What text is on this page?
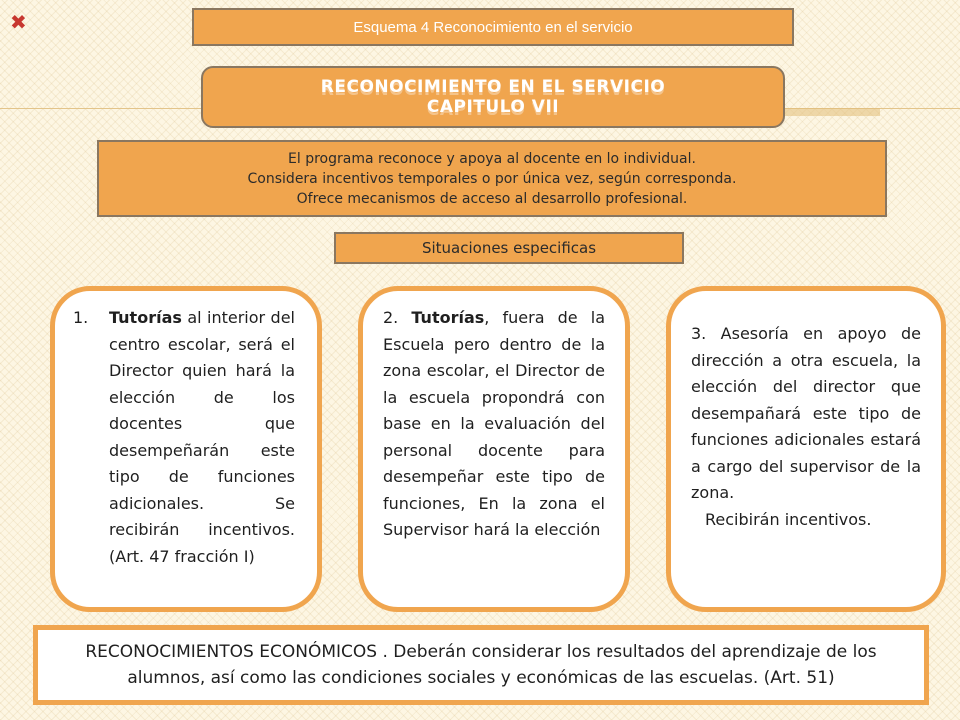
✖	Esquema 4 Reconocimiento en el servicio
RECONOCIMIENTO EN EL SERVICIO
CAPITULO VII
El programa reconoce y apoya al docente en lo individual.
Considera incentivos temporales o por única vez, según corresponda.
Ofrece mecanismos de acceso al desarrollo profesional.
Situaciones especificas
1.	Tutorías al interior del centro escolar, será el Director quien hará la elección de los docentes que desempeñarán este tipo de funciones adicionales. Se recibirán incentivos. (Art. 47 fracción I)
2. Tutorías, fuera de la Escuela pero dentro de la zona escolar, el Director de la escuela propondrá con base en la evaluación del personal docente para desempeñar este tipo de funciones, En la zona el Supervisor hará la elección
3. Asesoría en apoyo de dirección a otra escuela, la elección del director que desempañará este tipo de funciones adicionales estará a cargo del supervisor de la zona.
Recibirán incentivos.
RECONOCIMIENTOS ECONÓMICOS . Deberán considerar los resultados del aprendizaje de los alumnos, así como las condiciones sociales y económicas de las escuelas. (Art. 51)
